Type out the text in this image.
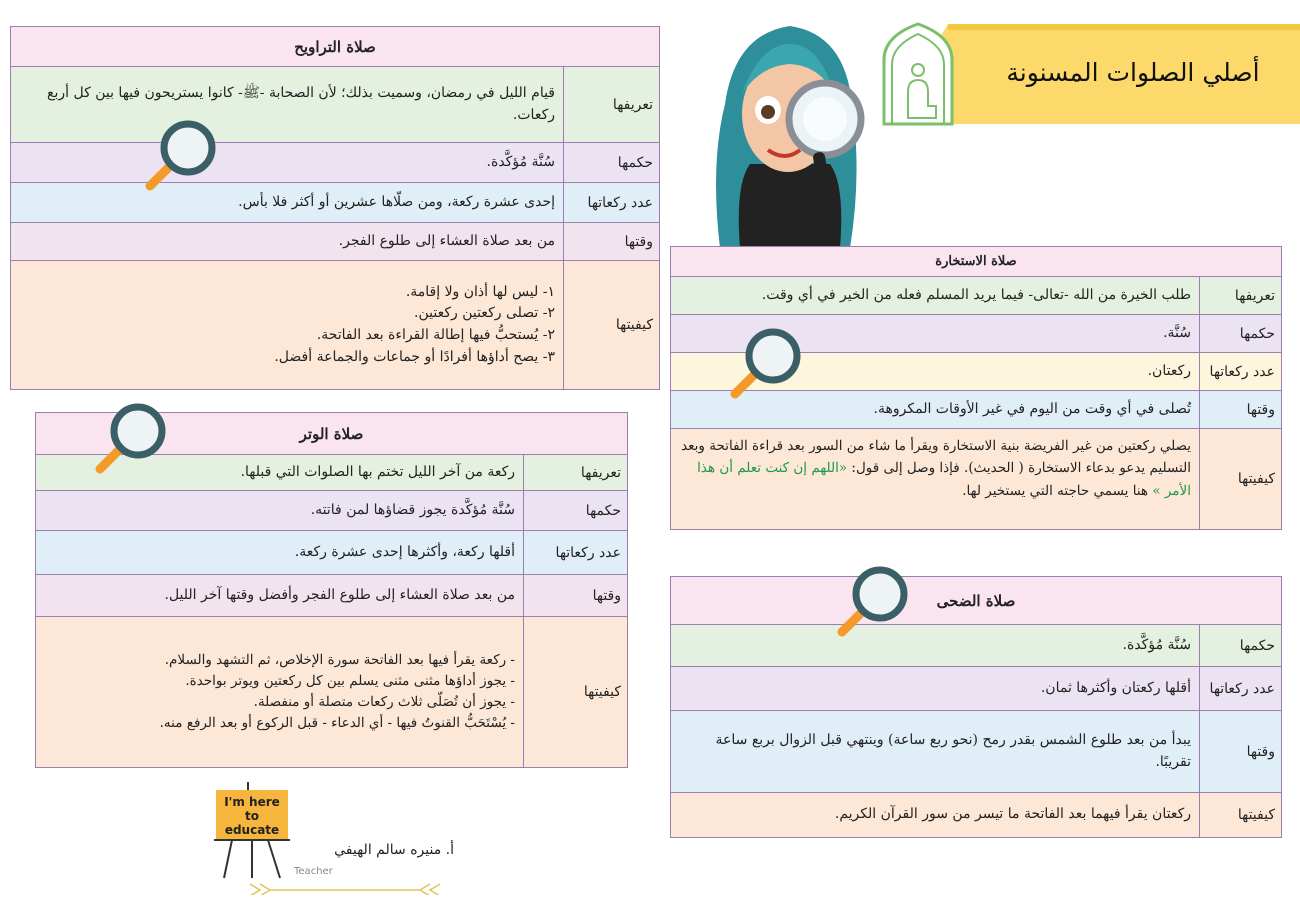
أصلي الصلوات المسنونة
صلاة التراويح
تعريفها
قيام الليل في رمضان، وسميت بذلك؛ لأن الصحابة -ﷺ- كانوا يستريحون فيها بين كل أربع ركعات.
حكمها
سُنَّة مُؤكَّدة.
عدد ركعاتها
إحدى عشرة ركعة، ومن صلّاها عشرين أو أكثر فلا بأس.
وقتها
من بعد صلاة العشاء إلى طلوع الفجر.
كيفيتها
١- ليس لها أذان ولا إقامة.
٢- تصلى ركعتين ركعتين.
٢- يُستحبُّ فيها إطالة القراءة بعد الفاتحة.
٣- يصح أداؤها أفرادًا أو جماعات والجماعة أفضل.
صلاة الاستخارة
تعريفها
طلب الخيرة من الله -تعالى- فيما يريد المسلم فعله من الخير في أي وقت.
حكمها
سُنَّة.
عدد ركعاتها
ركعتان.
وقتها
تُصلى في أي وقت من اليوم في غير الأوقات المكروهة.
كيفيتها
يصلي ركعتين من غير الفريضة بنية الاستخارة ويقرأ ما شاء من السور بعد قراءة الفاتحة وبعد التسليم يدعو بدعاء الاستخارة ( الحديث). فإذا وصل إلى قول: «اللهم إن كنت تعلم أن هذا الأمر » هنا يسمي حاجته التي يستخير لها.
صلاة الوتر
تعريفها
ركعة من آخر الليل تختم بها الصلوات التي قبلها.
حكمها
سُنَّة مُؤكَّدة يجوز قضاؤها لمن فاتته.
عدد ركعاتها
أقلها ركعة، وأكثرها إحدى عشرة ركعة.
وقتها
من بعد صلاة العشاء إلى طلوع الفجر وأفضل وقتها آخر الليل.
كيفيتها
- ركعة يقرأ فيها بعد الفاتحة سورة الإخلاص، ثم التشهد والسلام.
- يجوز أداؤها مثنى مثنى يسلم بين كل ركعتين ويوتر بواحدة.
- يجوز أن تُصَلّى ثلاث ركعات متصلة أو منفصلة.
- يُسْتَحَبُّ القنوتُ فيها - أي الدعاء - قبل الركوع أو بعد الرفع منه.
صلاة الضحى
حكمها
سُنَّة مُؤكَّدة.
عدد ركعاتها
أقلها ركعتان وأكثرها ثمان.
وقتها
يبدأ من بعد طلوع الشمس بقدر رمح (نحو ربع ساعة) وينتهي قبل الزوال بربع ساعة تقريبًا.
كيفيتها
ركعتان يقرأ فيهما بعد الفاتحة ما تيسر من سور القرآن الكريم.
I'm here to educate
أ. منيره سالم الهيفي
Teacher
